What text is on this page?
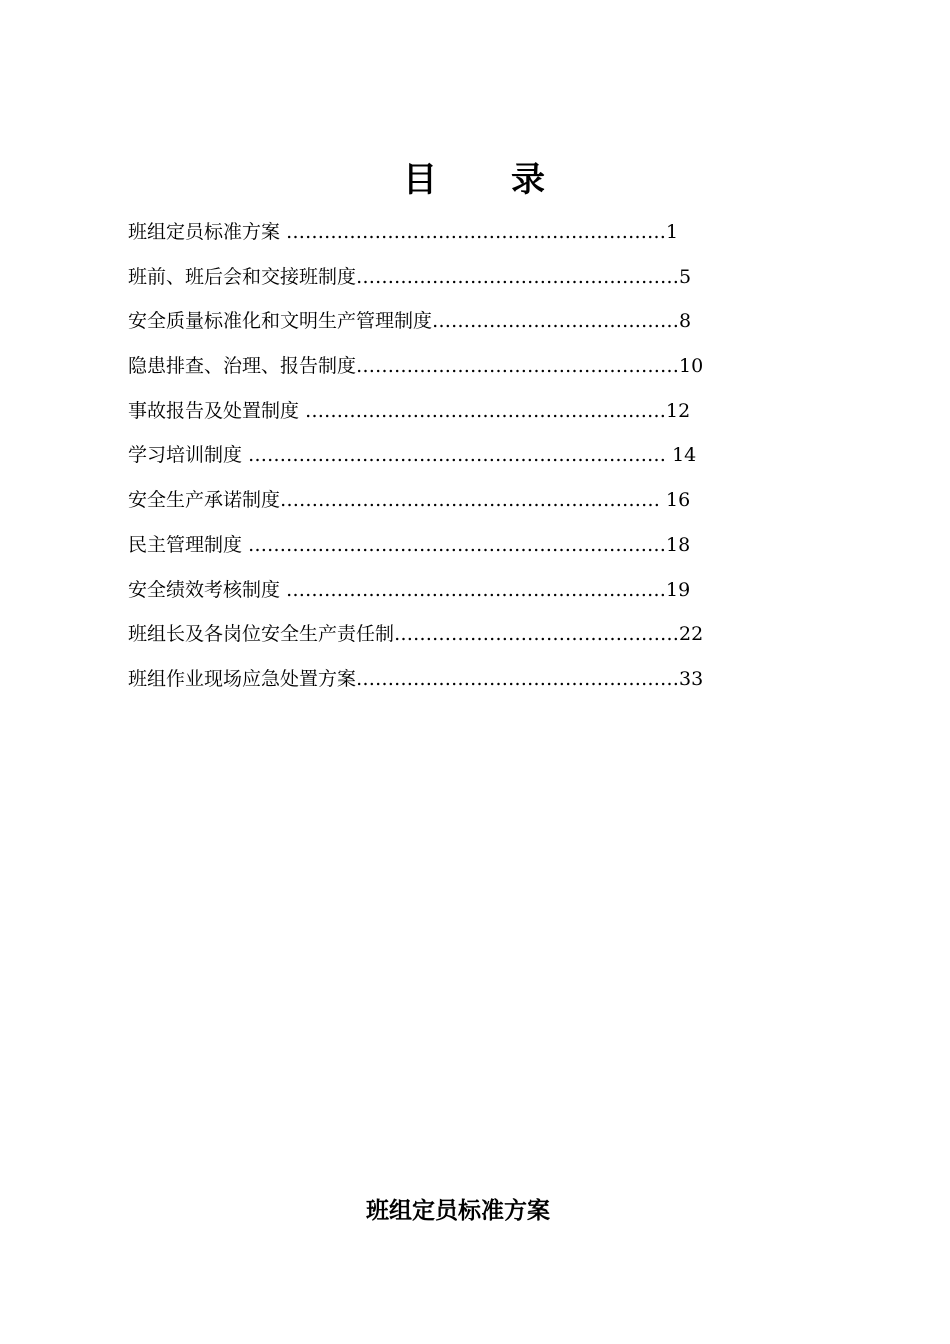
目　　录
班组定员标准方案 ……………………………………………………1
班前、班后会和交接班制度……………………………………………5
安全质量标准化和文明生产管理制度…………………………………8
隐患排查、治理、报告制度……………………………………………10
事故报告及处置制度 …………………………………………………12
学习培训制度 ………………………………………………………… 14
安全生产承诺制度…………………………………………………… 16
民主管理制度 …………………………………………………………18
安全绩效考核制度 ……………………………………………………19
班组长及各岗位安全生产责任制………………………………………22
班组作业现场应急处置方案……………………………………………33
班组定员标准方案
